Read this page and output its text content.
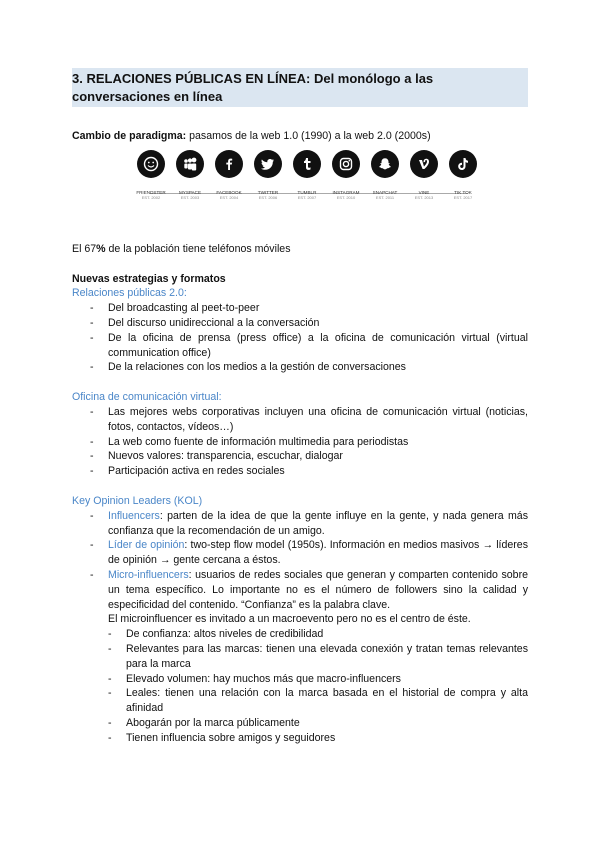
3. RELACIONES PÚBLICAS EN LÍNEA: Del monólogo a las conversaciones en línea

Cambio de paradigma: pasamos de la web 1.0 (1990) a la web 2.0 (2000s)

FRIENDSTER
EST. 2002
MYSPACE
EST. 2003
FACEBOOK
EST. 2004
TWITTER
EST. 2006
TUMBLR
EST. 2007
INSTAGRAM
EST. 2010
SNAPCHAT
EST. 2011
VINE
EST. 2013
TIK TOK
EST. 2017

El 67% de la población tiene teléfonos móviles

Nuevas estrategias y formatos

Relaciones públicas 2.0:

- Del broadcasting al peet-to-peer
- Del discurso unidireccional a la conversación
- De la oficina de prensa (press office) a la oficina de comunicación virtual (virtual communication office)
- De la relaciones con los medios a la gestión de conversaciones

Oficina de comunicación virtual:

- Las mejores webs corporativas incluyen una oficina de comunicación virtual (noticias, fotos, contactos, vídeos…)
- La web como fuente de información multimedia para periodistas
- Nuevos valores: transparencia, escuchar, dialogar
- Participación activa en redes sociales

Key Opinion Leaders (KOL)

- Influencers: parten de la idea de que la gente influye en la gente, y nada genera más confianza que la recomendación de un amigo.
- Líder de opinión: two-step flow model (1950s). Información en medios masivos → líderes de opinión → gente cercana a éstos.
- Micro-influencers: usuarios de redes sociales que generan y comparten contenido sobre un tema específico. Lo importante no es el número de followers sino la calidad y especificidad del contenido. “Confianza” es la palabra clave.

El microinfluencer es invitado a un macroevento pero no es el centro de éste.

- De confianza: altos niveles de credibilidad
- Relevantes para las marcas: tienen una elevada conexión y tratan temas relevantes para la marca
- Elevado volumen: hay muchos más que macro-influencers
- Leales: tienen una relación con la marca basada en el historial de compra y alta afinidad
- Abogarán por la marca públicamente
- Tienen influencia sobre amigos y seguidores
